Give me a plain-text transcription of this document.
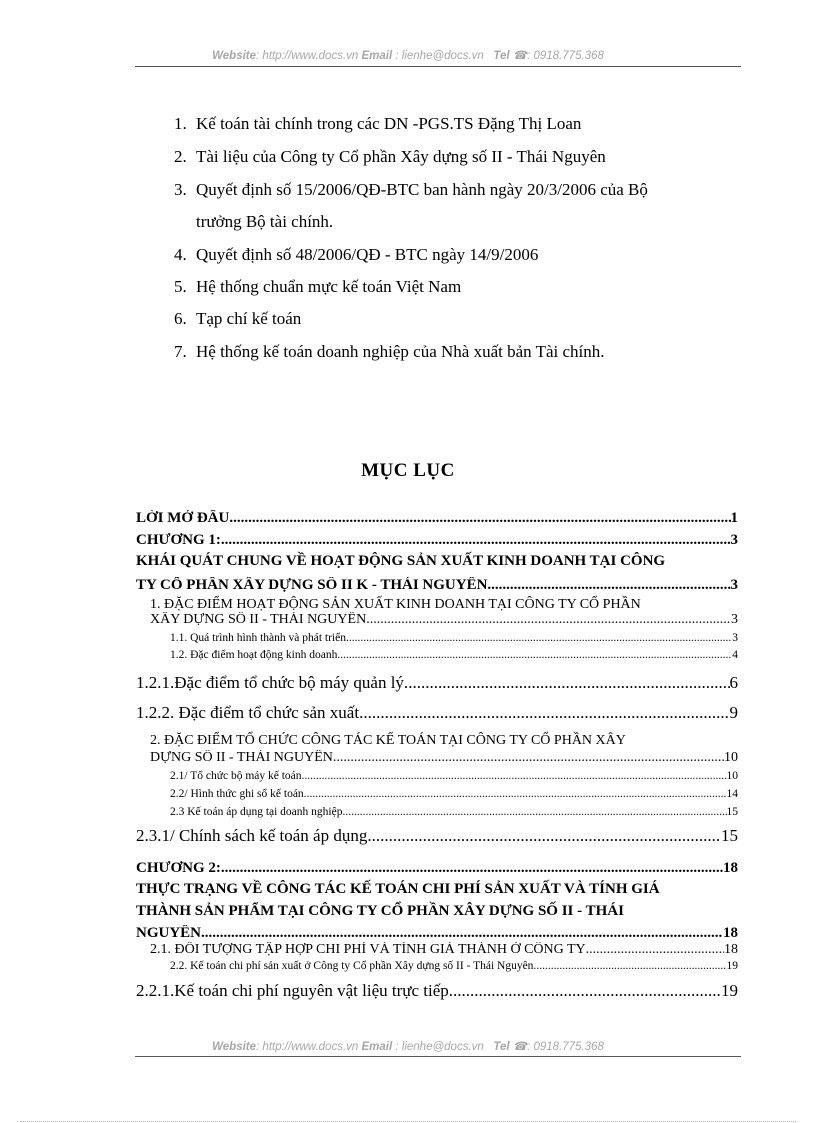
Website: http://www.docs.vn Email : lienhe@docs.vn Tel ☎: 0918.775.368
1. Kế toán tài chính trong các DN -PGS.TS Đặng Thị Loan
2. Tài liệu của Công ty Cổ phần Xây dựng số II - Thái Nguyên
3. Quyết định số 15/2006/QĐ-BTC ban hành ngày 20/3/2006 của Bộ
trưởng Bộ tài chính.
4. Quyết định số 48/2006/QĐ - BTC ngày 14/9/2006
5. Hệ thống chuẩn mực kế toán Việt Nam
6. Tạp chí kế toán
7. Hệ thống kế toán doanh nghiệp của Nhà xuất bản Tài chính.
MỤC LỤC
LỜI MỞ ĐẦU .....	1
CHƯƠNG 1: .....	3
KHÁI QUÁT CHUNG VỀ HOẠT ĐỘNG SẢN XUẤT KINH DOANH TẠI CÔNG
TY CỔ PHẦN XÂY DỰNG SỐ II K - THÁI NGUYÊN .....	3
1. ĐẶC ĐIỂM HOẠT ĐỘNG SẢN XUẤT KINH DOANH TẠI CÔNG TY CỔ PHẦN
XÂY DỰNG SỐ II - THÁI NGUYÊN .....	3
1.1. Quá trình hình thành và phát triển .....	3
1.2. Đặc điểm hoạt động kinh doanh .....	4
1.2.1.Đặc điểm tổ chức bộ máy quản lý. .....	6
1.2.2. Đặc điểm tổ chức sản xuất .....	9
2. ĐẶC ĐIỂM TỔ CHỨC CÔNG TÁC KẾ TOÁN TẠI CÔNG TY CỔ PHẦN XÂY
DỰNG SỐ II - THÁI NGUYÊN. .....	10
2.1/ Tổ chức bộ máy kế toán. .....	10
2.2/ Hình thức ghi sổ kế toán. .....	14
2.3 Kế toán áp dụng tại doanh nghiệp .....	15
2.3.1/ Chính sách kế toán áp dụng. .....	15
CHƯƠNG 2: .....	18
THỰC TRẠNG VỀ CÔNG TÁC KẾ TOÁN CHI PHÍ SẢN XUẤT VÀ TÍNH GIÁ
THÀNH SẢN PHẨM TẠI CÔNG TY CỔ PHẦN XÂY DỰNG SỐ II - THÁI
NGUYÊN. .....	18
2.1. ĐỐI TƯỢNG TẬP HỢP CHI PHÍ VÀ TÍNH GIÁ THÀNH Ở CÔNG TY .....	18
2.2. Kế toán chi phí sản xuất ở Công ty Cổ phần Xây dựng số II - Thái Nguyên. .....	19
2.2.1.Kế toán chi phí nguyên vật liệu trực tiếp. .....	19
Website: http://www.docs.vn Email : lienhe@docs.vn Tel ☎: 0918.775.368
